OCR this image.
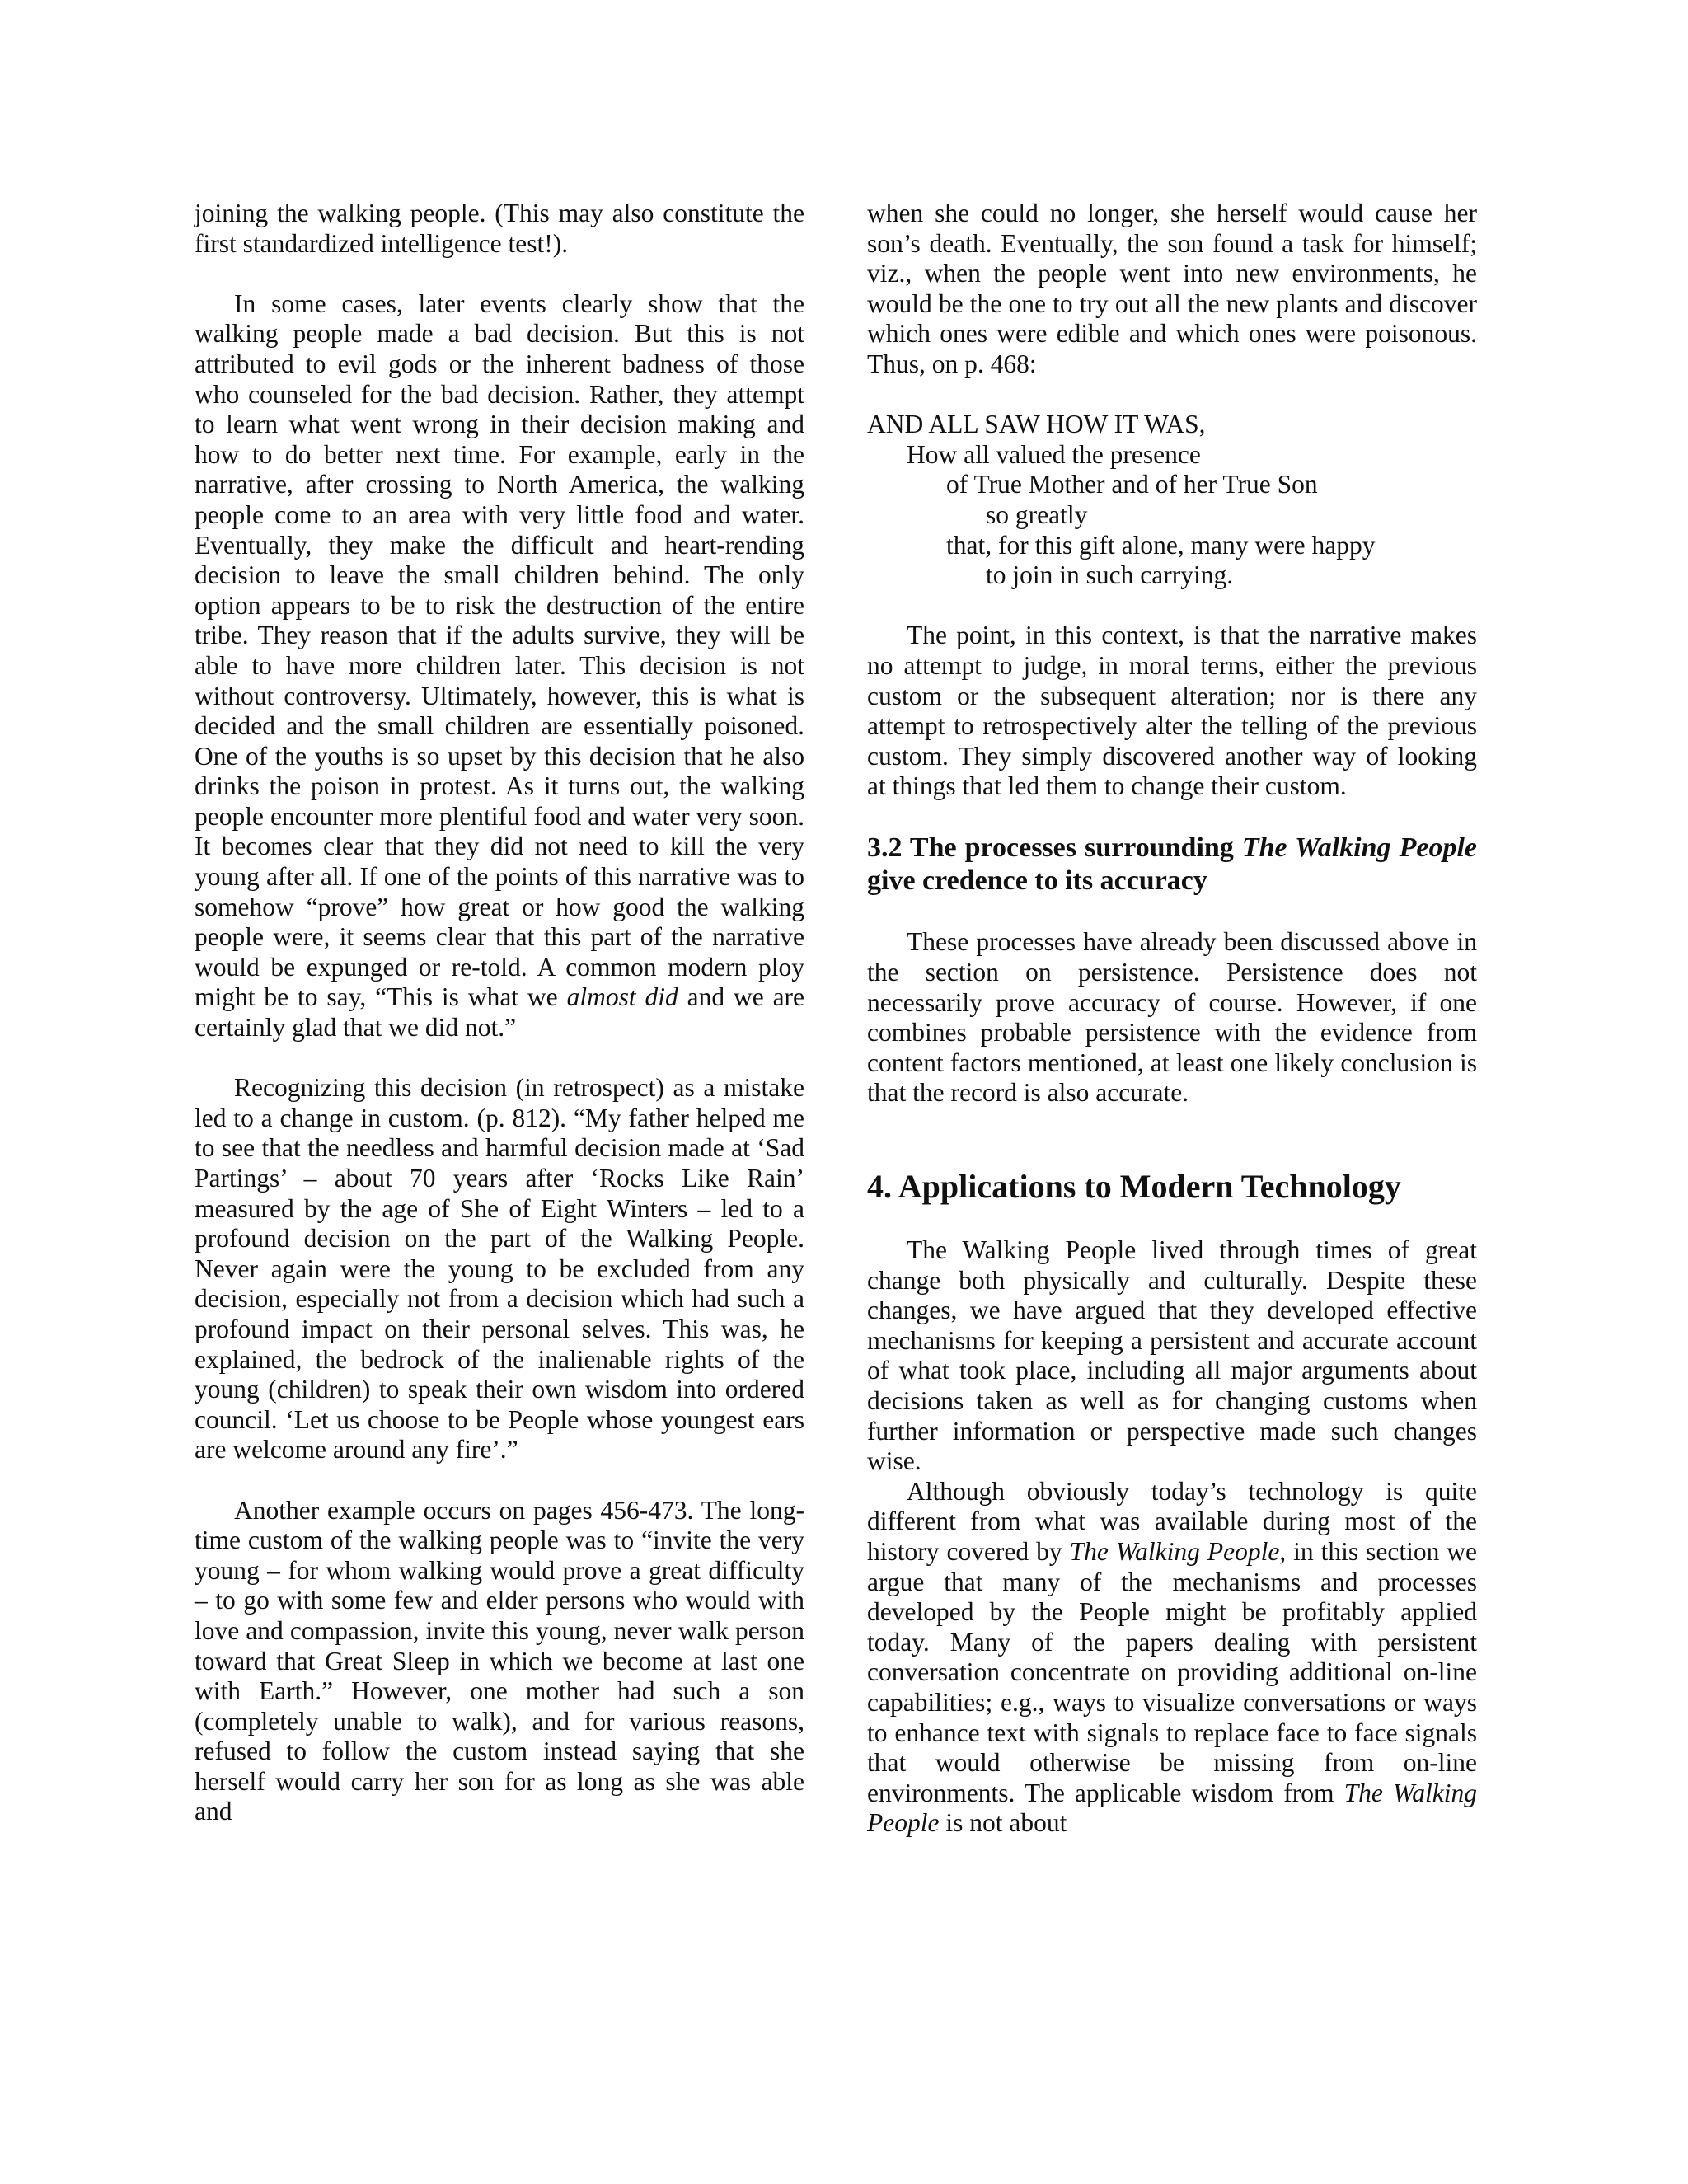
joining the walking people. (This may also constitute the first standardized intelligence test!).

In some cases, later events clearly show that the walking people made a bad decision. But this is not attributed to evil gods or the inherent badness of those who counseled for the bad decision. Rather, they attempt to learn what went wrong in their decision making and how to do better next time. For example, early in the narrative, after crossing to North America, the walking people come to an area with very little food and water. Eventually, they make the difficult and heart-rending decision to leave the small children behind. The only option appears to be to risk the destruction of the entire tribe. They reason that if the adults survive, they will be able to have more children later. This decision is not without controversy. Ultimately, however, this is what is decided and the small children are essentially poisoned. One of the youths is so upset by this decision that he also drinks the poison in protest. As it turns out, the walking people encounter more plentiful food and water very soon. It becomes clear that they did not need to kill the very young after all. If one of the points of this narrative was to somehow “prove” how great or how good the walking people were, it seems clear that this part of the narrative would be expunged or re-told. A common modern ploy might be to say, “This is what we almost did and we are certainly glad that we did not.”

Recognizing this decision (in retrospect) as a mistake led to a change in custom. (p. 812). “My father helped me to see that the needless and harmful decision made at ‘Sad Partings’ – about 70 years after ‘Rocks Like Rain’ measured by the age of She of Eight Winters – led to a profound decision on the part of the Walking People. Never again were the young to be excluded from any decision, especially not from a decision which had such a profound impact on their personal selves. This was, he explained, the bedrock of the inalienable rights of the young (children) to speak their own wisdom into ordered council. ‘Let us choose to be People whose youngest ears are welcome around any fire’.”

Another example occurs on pages 456-473. The long-time custom of the walking people was to “invite the very young – for whom walking would prove a great difficulty – to go with some few and elder persons who would with love and compassion, invite this young, never walk person toward that Great Sleep in which we become at last one with Earth.” However, one mother had such a son (completely unable to walk), and for various reasons, refused to follow the custom instead saying that she herself would carry her son for as long as she was able and

when she could no longer, she herself would cause her son’s death. Eventually, the son found a task for himself; viz., when the people went into new environments, he would be the one to try out all the new plants and discover which ones were edible and which ones were poisonous. Thus, on p. 468:

AND ALL SAW HOW IT WAS,
How all valued the presence
of True Mother and of her True Son
so greatly
that, for this gift alone, many were happy
to join in such carrying.

The point, in this context, is that the narrative makes no attempt to judge, in moral terms, either the previous custom or the subsequent alteration; nor is there any attempt to retrospectively alter the telling of the previous custom. They simply discovered another way of looking at things that led them to change their custom.

3.2 The processes surrounding The Walking People give credence to its accuracy

These processes have already been discussed above in the section on persistence. Persistence does not necessarily prove accuracy of course. However, if one combines probable persistence with the evidence from content factors mentioned, at least one likely conclusion is that the record is also accurate.

4. Applications to Modern Technology

The Walking People lived through times of great change both physically and culturally. Despite these changes, we have argued that they developed effective mechanisms for keeping a persistent and accurate account of what took place, including all major arguments about decisions taken as well as for changing customs when further information or perspective made such changes wise.

Although obviously today’s technology is quite different from what was available during most of the history covered by The Walking People, in this section we argue that many of the mechanisms and processes developed by the People might be profitably applied today. Many of the papers dealing with persistent conversation concentrate on providing additional on-line capabilities; e.g., ways to visualize conversations or ways to enhance text with signals to replace face to face signals that would otherwise be missing from on-line environments. The applicable wisdom from The Walking People is not about
